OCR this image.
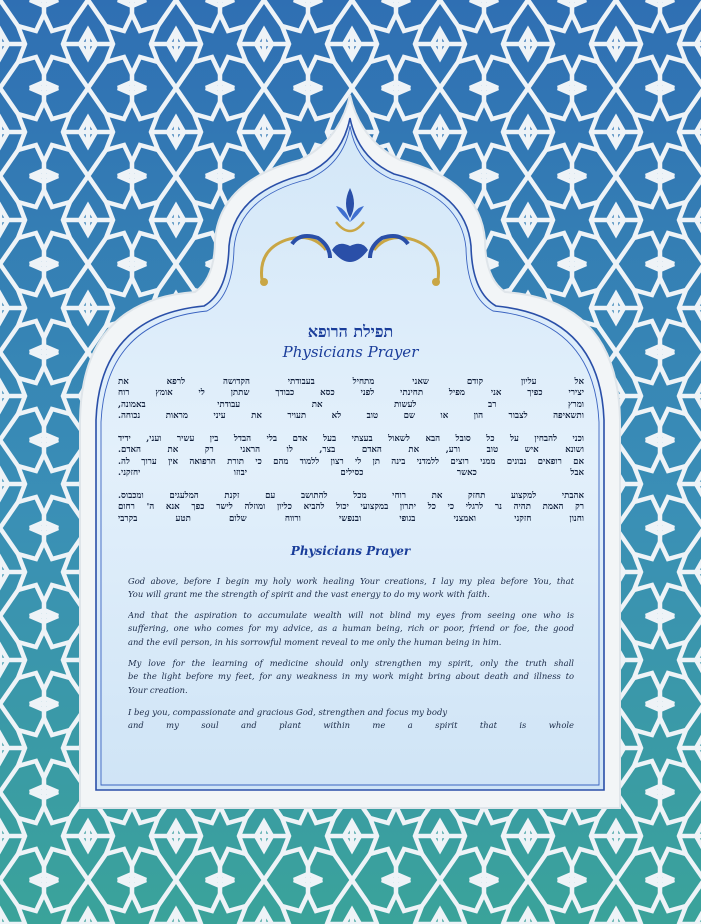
תפילת הרופא
Physicians Prayer
אל עליון קודם שאני מתחיל בעבודתי הקדושה לרפא את
יצירי כפיך אני מפיל תחינתי לפני כסא כבודך שתתן לי אומץ רוח
ומרץ רב לעשות את עבודתי באמונה,
ותשאיפה לצבור הון או שם טוב לא תעויר את עיני מראות נכוחה.
וכני להבחין על כל סובל הבא לשאול בעצתי בעל אדם בלי הבדל בין עשיר ועני, ידיד
ושונא איש טוב ורע, את האדם בצר, לו הראני רק את האדם.
אם רופאים נבונים ממני רוצים ללמדני בינה תן לי רצון ללמוד מהם כי תורת הרפואה אין ערוך לה.
אבל כאשר כסילים יבוזו יחזקני.
אהבתי למקצוע תחזק את רוחי מכל להתושב עם זקנת המלעגים ומכבוס.
רק האמת תהיה נר לרגלי כי כל יתרון במקצועי יכול להביא כליון ומוזלה לישר כפך אנא ה' רחום
וחנון חזקני ואמצני בגופי ובנפשי ורווח שלום תטע בקרבי
Physicians Prayer
God above, before I begin my holy work healing Your creations, I lay my plea before You, that
You will grant me the strength of spirit and the vast energy to do my work with faith.
And that the aspiration to accumulate wealth will not blind my eyes from seeing one who is
suffering, one who comes for my advice, as a human being, rich or poor, friend or foe, the good
and the evil person, in his sorrowful moment reveal to me only the human being in him.
My love for the learning of medicine should only strengthen my spirit, only the truth shall
be the light before my feet, for any weakness in my work might bring about death and illness to
Your creation.
I beg you, compassionate and gracious God, strengthen and focus my body
and my soul and plant within me a spirit that is whole
